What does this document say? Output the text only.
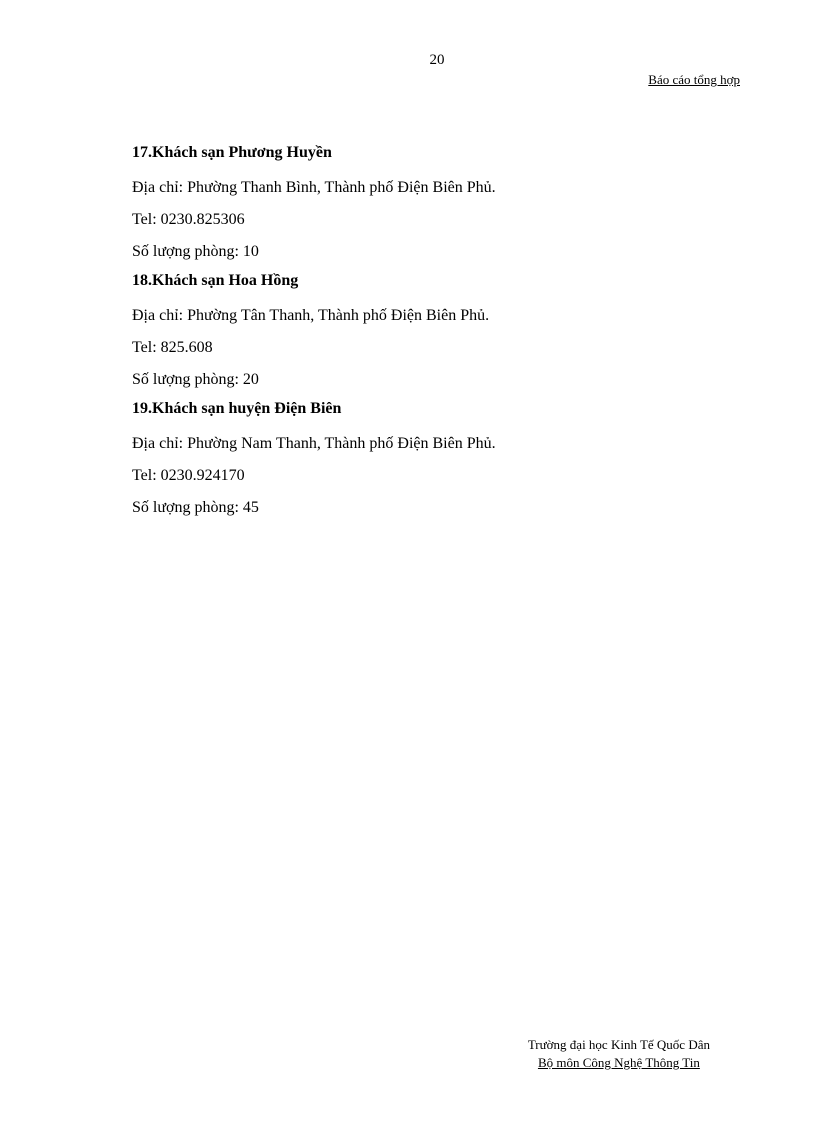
20
Báo cáo tổng hợp
17.Khách sạn Phương Huyền
Địa chỉ: Phường Thanh Bình, Thành phố Điện Biên Phủ.
Tel: 0230.825306
Số lượng phòng: 10
18.Khách sạn Hoa Hồng
Địa chỉ: Phường Tân Thanh, Thành phố Điện Biên Phủ.
Tel: 825.608
Số lượng phòng: 20
19.Khách sạn huyện Điện Biên
Địa chỉ: Phường Nam Thanh, Thành phố Điện Biên Phủ.
Tel: 0230.924170
Số lượng phòng: 45
Trường đại học Kinh Tế Quốc Dân
Bộ môn Công Nghệ Thông Tin
